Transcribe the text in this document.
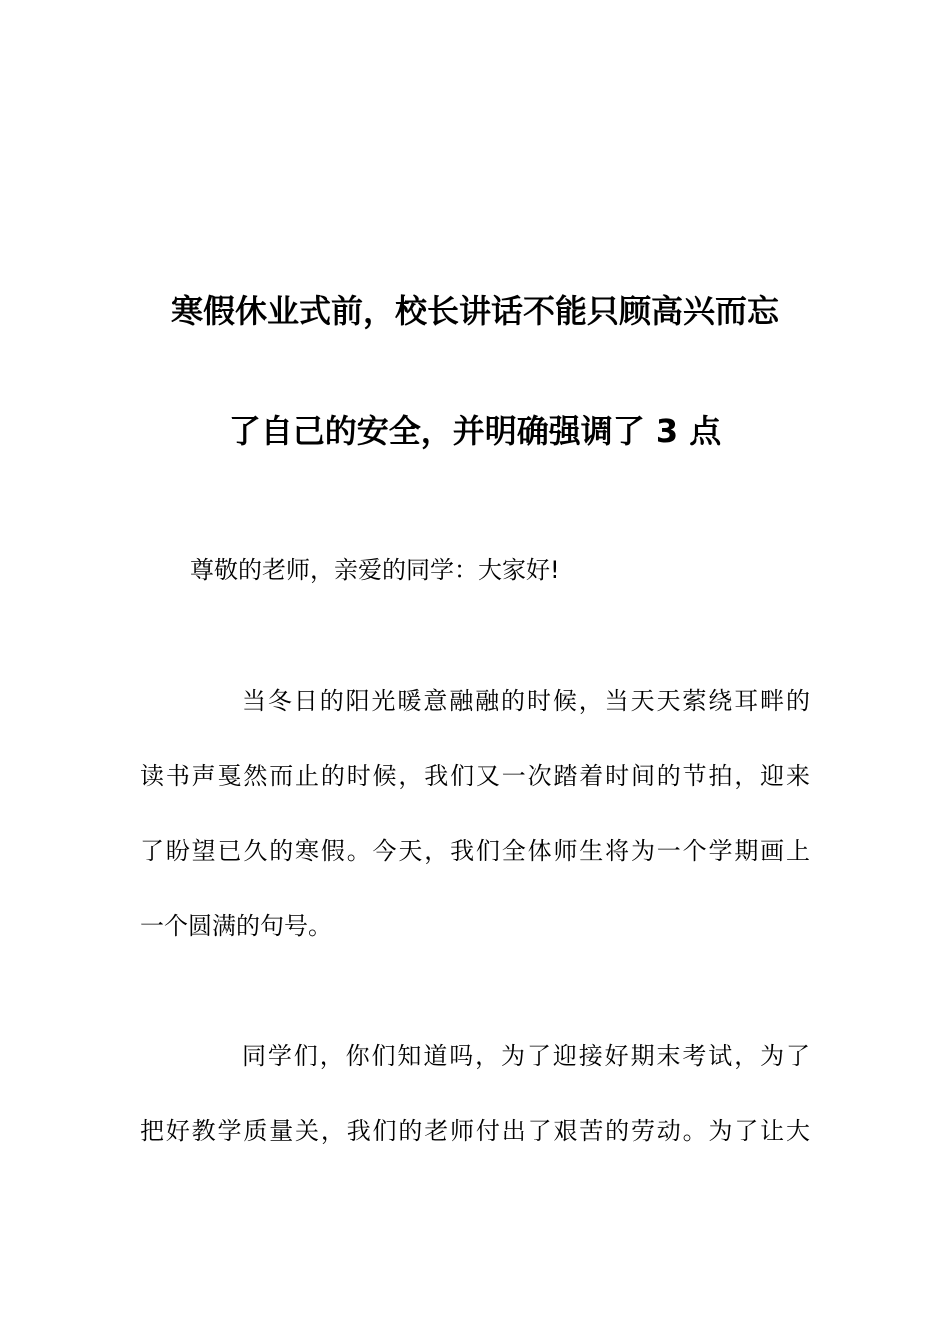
寒假休业式前，校长讲话不能只顾高兴而忘
了自己的安全，并明确强调了 3 点
尊敬的老师，亲爱的同学：大家好!
当冬日的阳光暖意融融的时候，当天天萦绕耳畔的
读书声戛然而止的时候，我们又一次踏着时间的节拍，迎来
了盼望已久的寒假。今天，我们全体师生将为一个学期画上
一个圆满的句号。
同学们，你们知道吗，为了迎接好期末考试，为了
把好教学质量关，我们的老师付出了艰苦的劳动。为了让大
